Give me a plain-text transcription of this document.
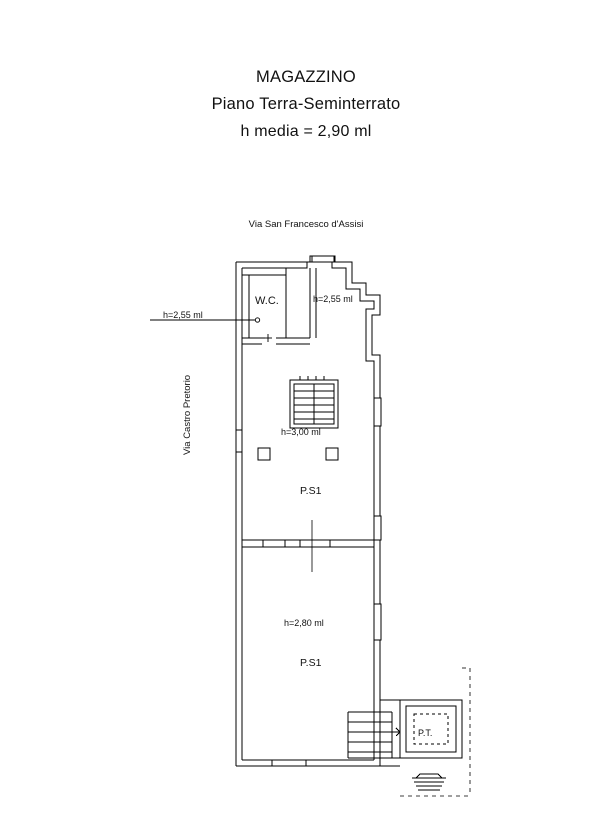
MAGAZZINO
Piano Terra-Seminterrato
h media = 2,90 ml
Via San Francesco d'Assisi
Via Castro Pretorio
h=2,55 ml
W.C.	h=2,55 ml
h=3,00 ml
P.S1
h=2,80 ml
P.S1
P.T.
